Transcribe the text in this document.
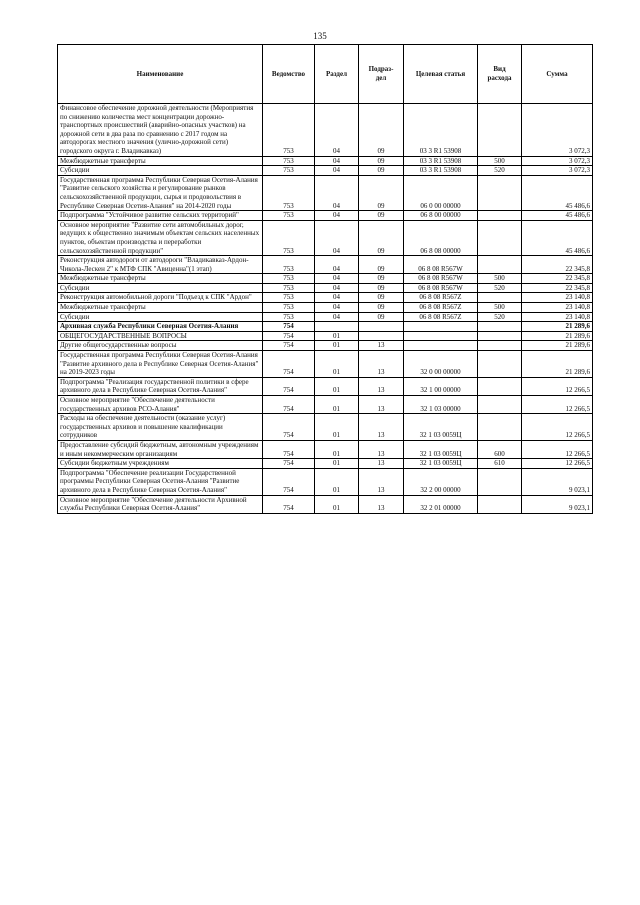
135
Наименование	Ведомство	Раздел	Подраз-
дел	Целевая статья	Вид
расхода	Сумма
Финансовое обеспечение дорожной деятельности (Мероприятия по снижению количества мест концентрации дорожно-транспортных происшествий (аварийно-опасных участков) на дорожной сети в два раза по сравнению с 2017 годом на автодорогах местного значения (улично-дорожной сети) городского округа г. Владикавказ)	753	04	09	03 3 R1 53908		3 072,3
Межбюджетные трансферты	753	04	09	03 3 R1 53908	500	3 072,3
Субсидии	753	04	09	03 3 R1 53908	520	3 072,3
Государственная программа Республики Северная Осетия-Алания "Развитие сельского хозяйства и регулирование рынков сельскохозяйственной продукции, сырья и продовольствия в Республике Северная Осетия-Алания" на 2014-2020 годы	753	04	09	06 0 00 00000		45 486,6
Подпрограмма "Устойчивое развитие сельских территорий"	753	04	09	06 8 00 00000		45 486,6
Основное мероприятие "Развитие сети автомобильных дорог, ведущих к общественно значимым объектам сельских населенных пунктов, объектам производства и переработки сельскохозяйственной продукции"	753	04	09	06 8 08 00000		45 486,6
Реконструкция автодороги от автодороги "Владикавказ-Ардон-Чикола-Лескен 2" к МТФ СПК "Авиценна"(1 этап)	753	04	09	06 8 08 R567W		22 345,8
Межбюджетные трансферты	753	04	09	06 8 08 R567W	500	22 345,8
Субсидии	753	04	09	06 8 08 R567W	520	22 345,8
Реконструкция автомобильной дороги "Подъезд к СПК "Ардон"	753	04	09	06 8 08 R567Z		23 140,8
Межбюджетные трансферты	753	04	09	06 8 08 R567Z	500	23 140,8
Субсидии	753	04	09	06 8 08 R567Z	520	23 140,8
Архивная служба Республики Северная Осетия-Алания	754					21 289,6
ОБЩЕГОСУДАРСТВЕННЫЕ ВОПРОСЫ	754	01				21 289,6
Другие общегосударственные вопросы	754	01	13			21 289,6
Государственная программа Республики Северная Осетия-Алания "Развитие архивного дела в Республике Северная Осетия-Алания" на 2019-2023 годы	754	01	13	32 0 00 00000		21 289,6
Подпрограмма "Реализация государственной политики в сфере архивного дела в Республике Северная Осетия-Алания"	754	01	13	32 1 00 00000		12 266,5
Основное мероприятие "Обеспечение деятельности государственных архивов РСО-Алания"	754	01	13	32 1 03 00000		12 266,5
Расходы на обеспечение деятельности (оказание услуг) государственных архивов и повышение квалификации сотрудников	754	01	13	32 1 03 0059Ц		12 266,5
Предоставление субсидий бюджетным, автономным учреждениям и иным некоммерческим организациям	754	01	13	32 1 03 0059Ц	600	12 266,5
Субсидии бюджетным учреждениям	754	01	13	32 1 03 0059Ц	610	12 266,5
Подпрограмма "Обеспечение реализации Государственной программы Республики Северная Осетия-Алания "Развитие архивного дела в Республике Северная Осетия-Алания"	754	01	13	32 2 00 00000		9 023,1
Основное мероприятие "Обеспечение деятельности Архивной службы Республики Северная Осетия-Алания"	754	01	13	32 2 01 00000		9 023,1
